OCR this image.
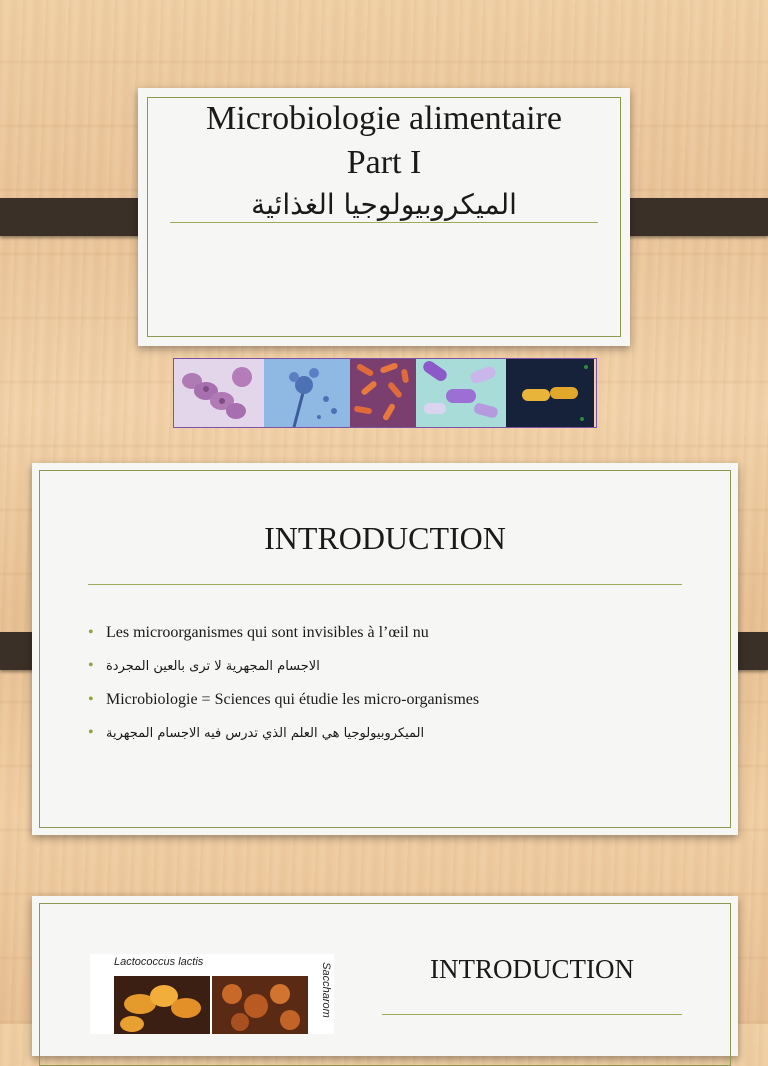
Microbiologie alimentaire
Part I
الميكروبيولوجيا الغذائية
INTRODUCTION
• Les microorganismes qui sont invisibles à l’œil nu
• الاجسام المجهرية لا ترى بالعين المجردة
• Microbiologie = Sciences qui étudie les micro-organismes
• الميكروبيولوجيا هي العلم الذي تدرس فيه الاجسام المجهرية
Lactococcus lactis
Saccharom	INTRODUCTION
